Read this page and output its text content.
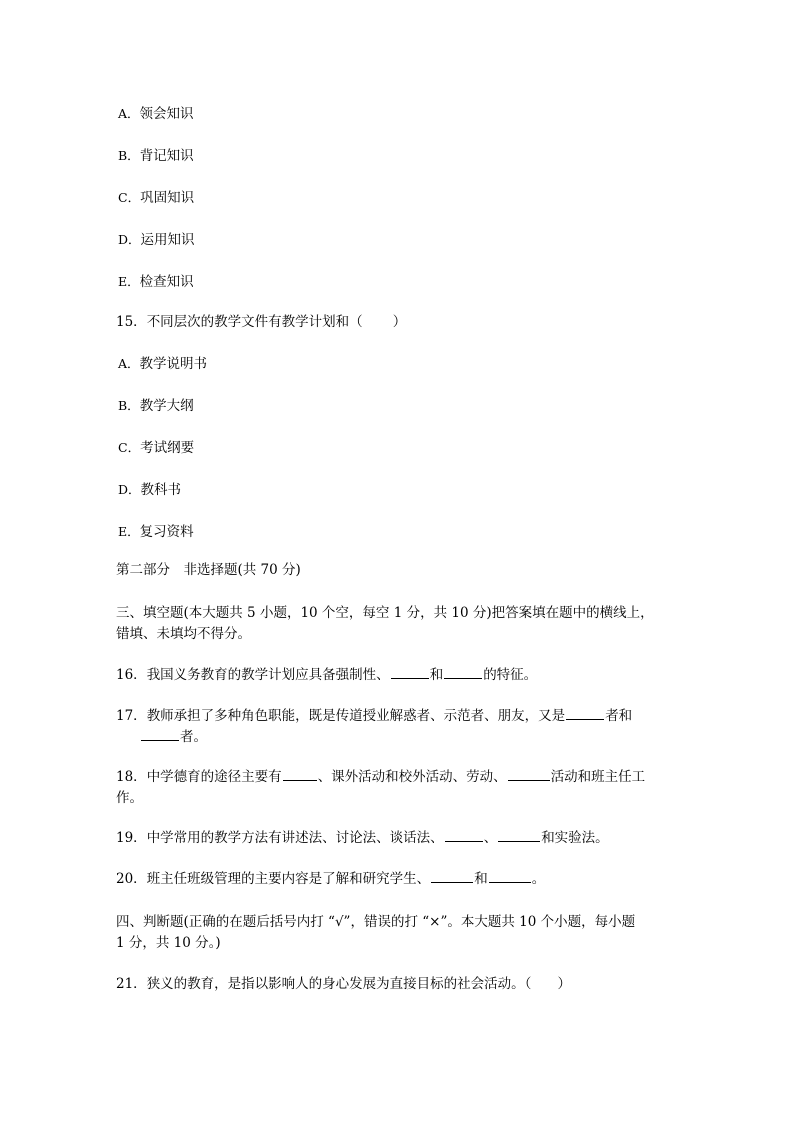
A．领会知识
B．背记知识
C．巩固知识
D．运用知识
E．检查知识
15．不同层次的教学文件有教学计划和（ ）
A．教学说明书
B．教学大纲
C．考试纲要
D．教科书
E．复习资料
第二部分　非选择题(共 70 分)
三、填空题(本大题共 5 小题，10 个空，每空 1 分，共 10 分)把答案填在题中的横线上，
错填、未填均不得分。
16．我国义务教育的教学计划应具备强制性、	和	的特征。
17．教师承担了多种角色职能，既是传道授业解惑者、示范者、朋友，又是	者和
者。
18．中学德育的途径主要有	、课外活动和校外活动、劳动、	活动和班主任工
作。
19．中学常用的教学方法有讲述法、讨论法、谈话法、	、	和实验法。
20．班主任班级管理的主要内容是了解和研究学生、	和	。
四、判断题(正确的在题后括号内打 “√”，错误的打 “×”。本大题共 10 个小题，每小题
1 分，共 10 分。)
21．狭义的教育，是指以影响人的身心发展为直接目标的社会活动。（ ）
